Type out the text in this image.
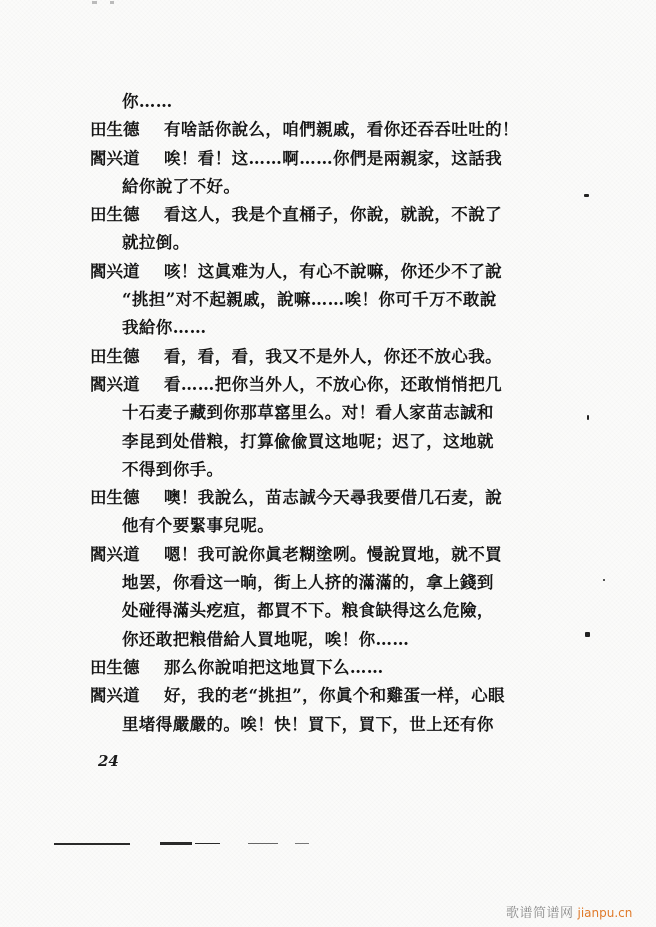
你……
田生德 有啥話你說么，咱們親戚，看你还吞吞吐吐的！
閻兴道 唉！看！这……啊……你們是兩親家，这話我
給你說了不好。
田生德 看这人，我是个直桶子，你說，就說，不說了
就拉倒。
閻兴道 咳！这眞难为人，有心不說嘛，你还少不了說
“挑担”对不起親戚，說嘛……唉！你可千万不敢說
我給你……
田生德 看，看，看，我又不是外人，你还不放心我。
閻兴道 看……把你当外人，不放心你，还敢悄悄把几
十石麦子藏到你那草窰里么。对！看人家苗志誠和
李昆到处借粮，打算偸偸買这地呢；迟了，这地就
不得到你手。
田生德 噢！我說么，苗志誠今天尋我要借几石麦，說
他有个要緊事兒呢。
閻兴道 嗯！我可說你眞老糊塗咧。慢說買地，就不買
地罢，你看这一晌，街上人挤的滿滿的，拿上錢到
处碰得滿头疙疸，都買不下。粮食缺得这么危險，
你还敢把粮借給人買地呢，唉！你……
田生德 那么你說咱把这地買下么……
閻兴道 好，我的老“挑担”，你眞个和雞蛋一样，心眼
里堵得嚴嚴的。唉！快！買下，買下，世上还有你
24
歌谱简谱网 jianpu.cn
